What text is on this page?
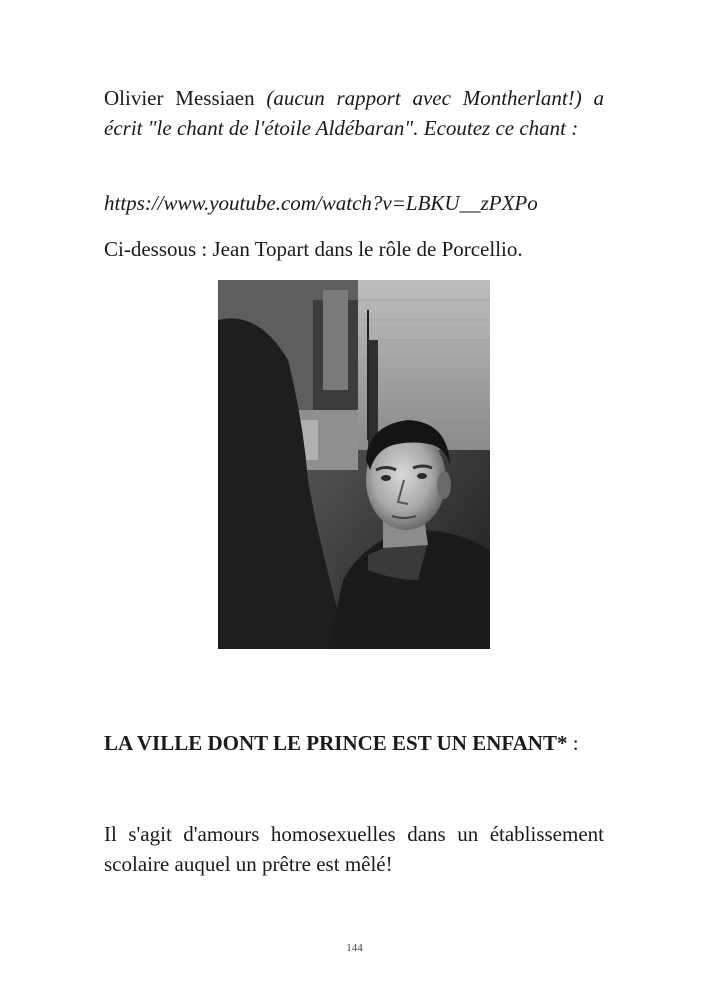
Olivier Messiaen (aucun rapport avec Montherlant!) a écrit "le chant de l'étoile Aldébaran". Ecoutez ce chant :

https://www.youtube.com/watch?v=LBKU__zPXPo

Ci-dessous : Jean Topart dans le rôle de Porcellio.

LA VILLE DONT LE PRINCE EST UN ENFANT* :

Il s'agit d'amours homosexuelles dans un établissement scolaire auquel un prêtre est mêlé!

144
